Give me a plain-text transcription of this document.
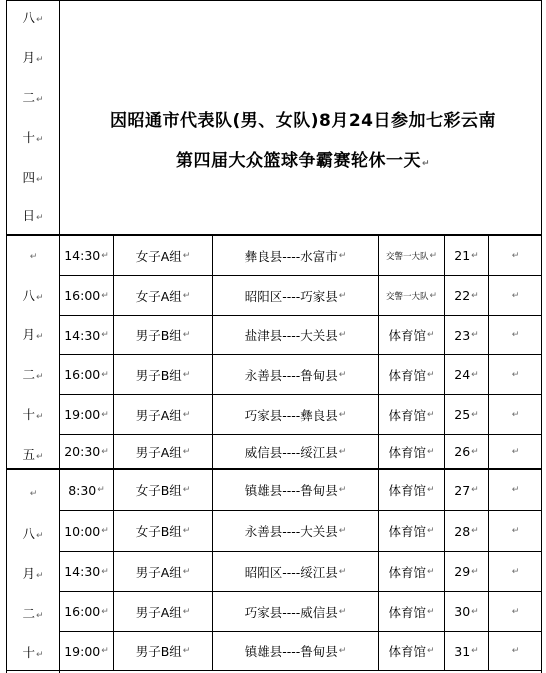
八↵
月↵
二↵
十↵
四↵
日↵
因昭通市代表队(男、女队)8月24日参加七彩云南
第四届大众篮球争霸赛轮休一天↵
↵
八↵
月↵
二↵
十↵
五↵
14:30 ↵ 女子A组 ↵	彝良县----水富市 ↵	交警一大队 ↵ 21 ↵	↵
16:00 ↵ 女子A组 ↵	昭阳区----巧家县 ↵	交警一大队 ↵ 22 ↵	↵
14:30 ↵ 男子B组 ↵	盐津县----大关县 ↵	体育馆 ↵ 23 ↵	↵
16:00 ↵ 男子B组 ↵	永善县----鲁甸县 ↵	体育馆 ↵ 24 ↵	↵
19:00 ↵ 男子A组 ↵	巧家县----彝良县 ↵	体育馆 ↵ 25 ↵	↵
20:30 ↵ 男子A组 ↵	威信县----绥江县 ↵	体育馆 ↵ 26 ↵	↵
↵
八↵
月↵
二↵
十↵
8:30 ↵ 女子B组 ↵	镇雄县----鲁甸县 ↵	体育馆 ↵ 27 ↵	↵
10:00 ↵ 女子B组 ↵	永善县----大关县 ↵	体育馆 ↵ 28 ↵	↵
14:30 ↵ 男子A组 ↵	昭阳区----绥江县 ↵	体育馆 ↵ 29 ↵	↵
16:00 ↵ 男子A组 ↵	巧家县----威信县 ↵	体育馆 ↵ 30 ↵	↵
19:00 ↵ 男子B组 ↵	镇雄县----鲁甸县 ↵	体育馆 ↵ 31 ↵	↵
